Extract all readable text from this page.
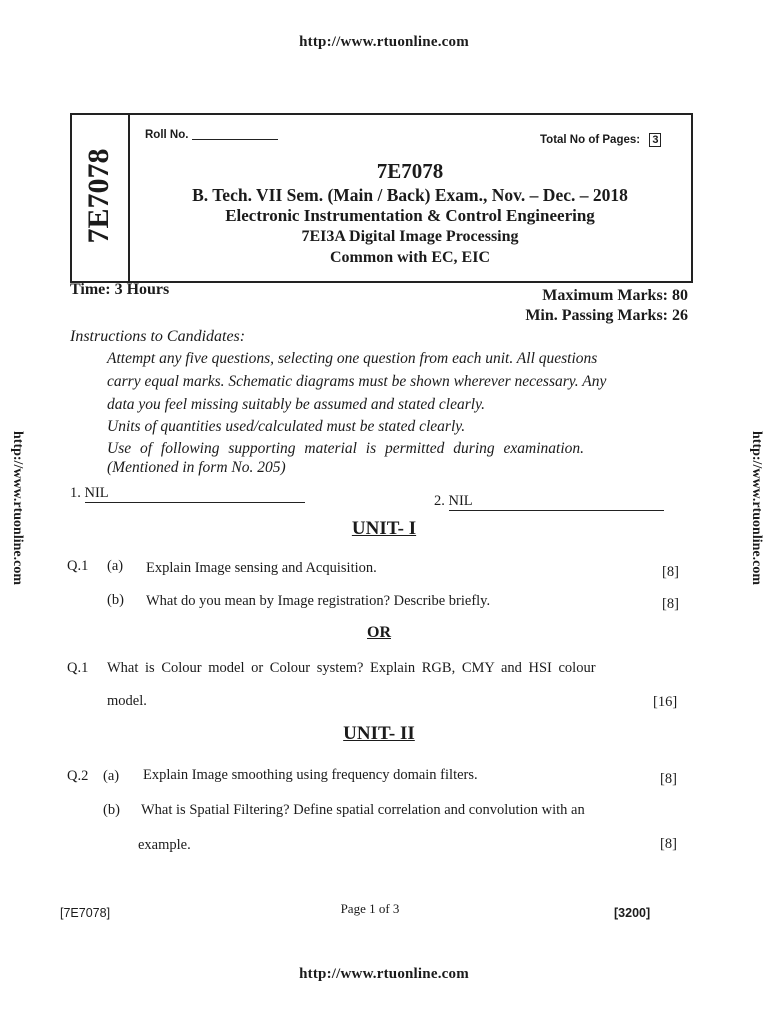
http://www.rtuonline.com
http://www.rtuonline.com	http://www.rtuonline.com
7E7078
Roll No.	Total No of Pages: 3
7E7078
B. Tech. VII Sem. (Main / Back) Exam., Nov. – Dec. – 2018
Electronic Instrumentation & Control Engineering
7EI3A Digital Image Processing
Common with EC, EIC
Time: 3 Hours	Maximum Marks: 80
Min. Passing Marks: 26
Instructions to Candidates:
Attempt any five questions, selecting one question from each unit. All questions
carry equal marks. Schematic diagrams must be shown wherever necessary. Any
data you feel missing suitably be assumed and stated clearly.
Units of quantities used/calculated must be stated clearly.
Use of following supporting material is permitted during examination.
(Mentioned in form No. 205)
1. NIL	2. NIL
UNIT- I
Q.1 (a) Explain Image sensing and Acquisition.	[8]
(b) What do you mean by Image registration? Describe briefly.	[8]
OR
Q.1 What is Colour model or Colour system? Explain RGB, CMY and HSI colour
model.	[16]
UNIT- II
Q.2 (a) Explain Image smoothing using frequency domain filters.	[8]
(b) What is Spatial Filtering? Define spatial correlation and convolution with an
example.	[8]
[7E7078]	Page 1 of 3	[3200]
http://www.rtuonline.com
